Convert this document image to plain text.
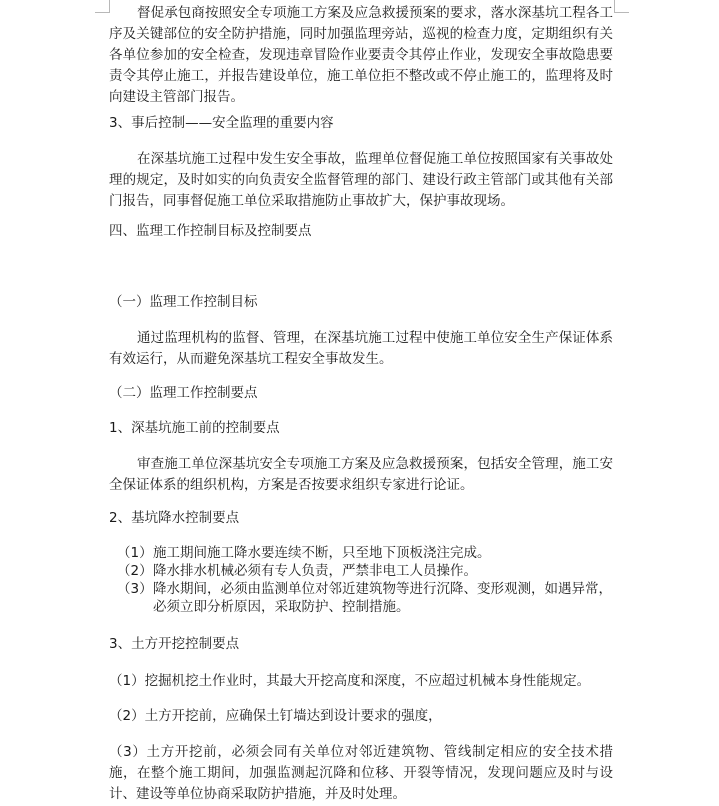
督促承包商按照安全专项施工方案及应急救援预案的要求，落水深基坑工程各工序及关键部位的安全防护措施，同时加强监理旁站，巡视的检查力度，定期组织有关各单位参加的安全检查，发现违章冒险作业要责令其停止作业，发现安全事故隐患要责令其停止施工，并报告建设单位，施工单位拒不整改或不停止施工的，监理将及时向建设主管部门报告。
3、事后控制——安全监理的重要内容
在深基坑施工过程中发生安全事故，监理单位督促施工单位按照国家有关事故处理的规定，及时如实的向负责安全监督管理的部门、建设行政主管部门或其他有关部门报告，同事督促施工单位采取措施防止事故扩大，保护事故现场。
四、监理工作控制目标及控制要点
（一）监理工作控制目标
通过监理机构的监督、管理，在深基坑施工过程中使施工单位安全生产保证体系有效运行，从而避免深基坑工程安全事故发生。
（二）监理工作控制要点
1、深基坑施工前的控制要点
审查施工单位深基坑安全专项施工方案及应急救援预案，包括安全管理，施工安全保证体系的组织机构，方案是否按要求组织专家进行论证。
2、基坑降水控制要点
（1） 施工期间施工降水要连续不断，只至地下顶板浇注完成。
（2） 降水排水机械必须有专人负责，严禁非电工人员操作。
（3） 降水期间，必须由监测单位对邻近建筑物等进行沉降、变形观测，如遇异常，必须立即分析原因，采取防护、控制措施。
3、土方开挖控制要点
（1）挖掘机挖土作业时，其最大开挖高度和深度，不应超过机械本身性能规定。
（2）土方开挖前，应确保土钉墙达到设计要求的强度，
（3）土方开挖前，必须会同有关单位对邻近建筑物、管线制定相应的安全技术措施，在整个施工期间，加强监测起沉降和位移、开裂等情况，发现问题应及时与设计、建设等单位协商采取防护措施，并及时处理。
